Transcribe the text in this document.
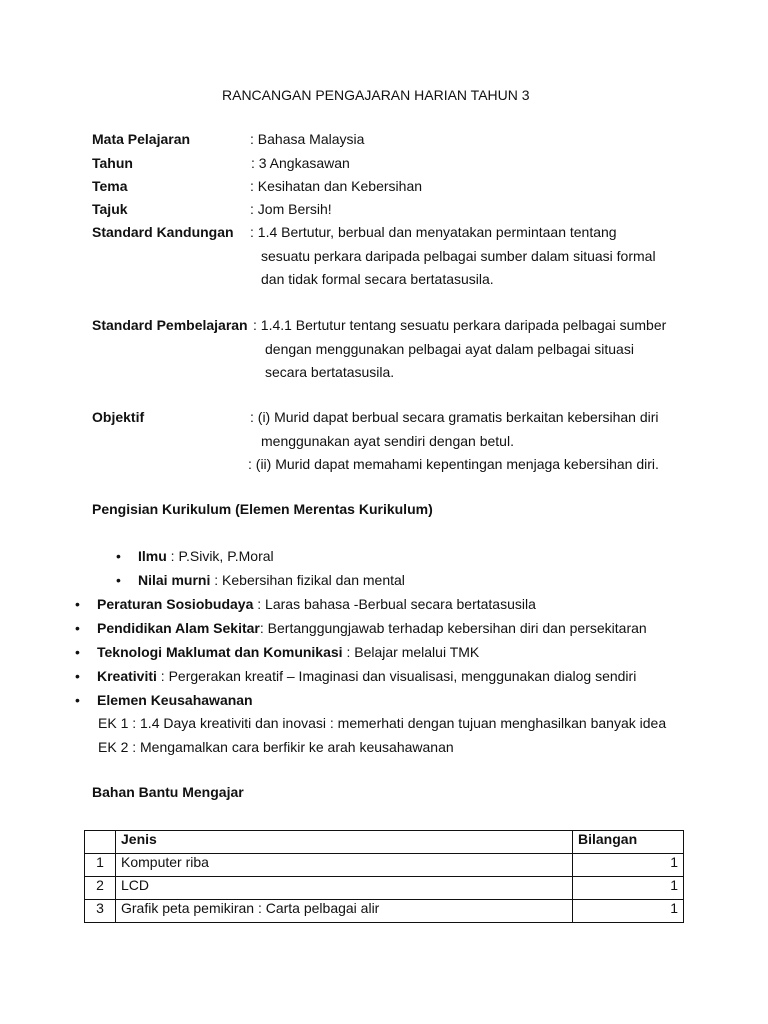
RANCANGAN PENGAJARAN HARIAN TAHUN 3
Mata Pelajaran	: Bahasa Malaysia
Tahun	: 3 Angkasawan
Tema	: Kesihatan dan Kebersihan
Tajuk	: Jom Bersih!
Standard Kandungan : 1.4 Bertutur, berbual dan menyatakan permintaan tentang
sesuatu perkara daripada pelbagai sumber dalam situasi formal
dan tidak formal secara bertatasusila.
Standard Pembelajaran : 1.4.1 Bertutur tentang sesuatu perkara daripada pelbagai sumber
dengan menggunakan pelbagai ayat dalam pelbagai situasi
secara bertatasusila.
Objektif	: (i) Murid dapat berbual secara gramatis berkaitan kebersihan diri
menggunakan ayat sendiri dengan betul.
: (ii) Murid dapat memahami kepentingan menjaga kebersihan diri.
Pengisian Kurikulum (Elemen Merentas Kurikulum)
• Ilmu : P.Sivik, P.Moral
• Nilai murni : Kebersihan fizikal dan mental
• Peraturan Sosiobudaya : Laras bahasa -Berbual secara bertatasusila
• Pendidikan Alam Sekitar: Bertanggungjawab terhadap kebersihan diri dan persekitaran
• Teknologi Maklumat dan Komunikasi : Belajar melalui TMK
• Kreativiti : Pergerakan kreatif – Imaginasi dan visualisasi, menggunakan dialog sendiri
• Elemen Keusahawanan
EK 1 : 1.4 Daya kreativiti dan inovasi : memerhati dengan tujuan menghasilkan banyak idea
EK 2 : Mengamalkan cara berfikir ke arah keusahawanan
Bahan Bantu Mengajar
	Jenis	Bilangan
1	Komputer riba	1
2	LCD	1
3	Grafik peta pemikiran : Carta pelbagai alir	1
